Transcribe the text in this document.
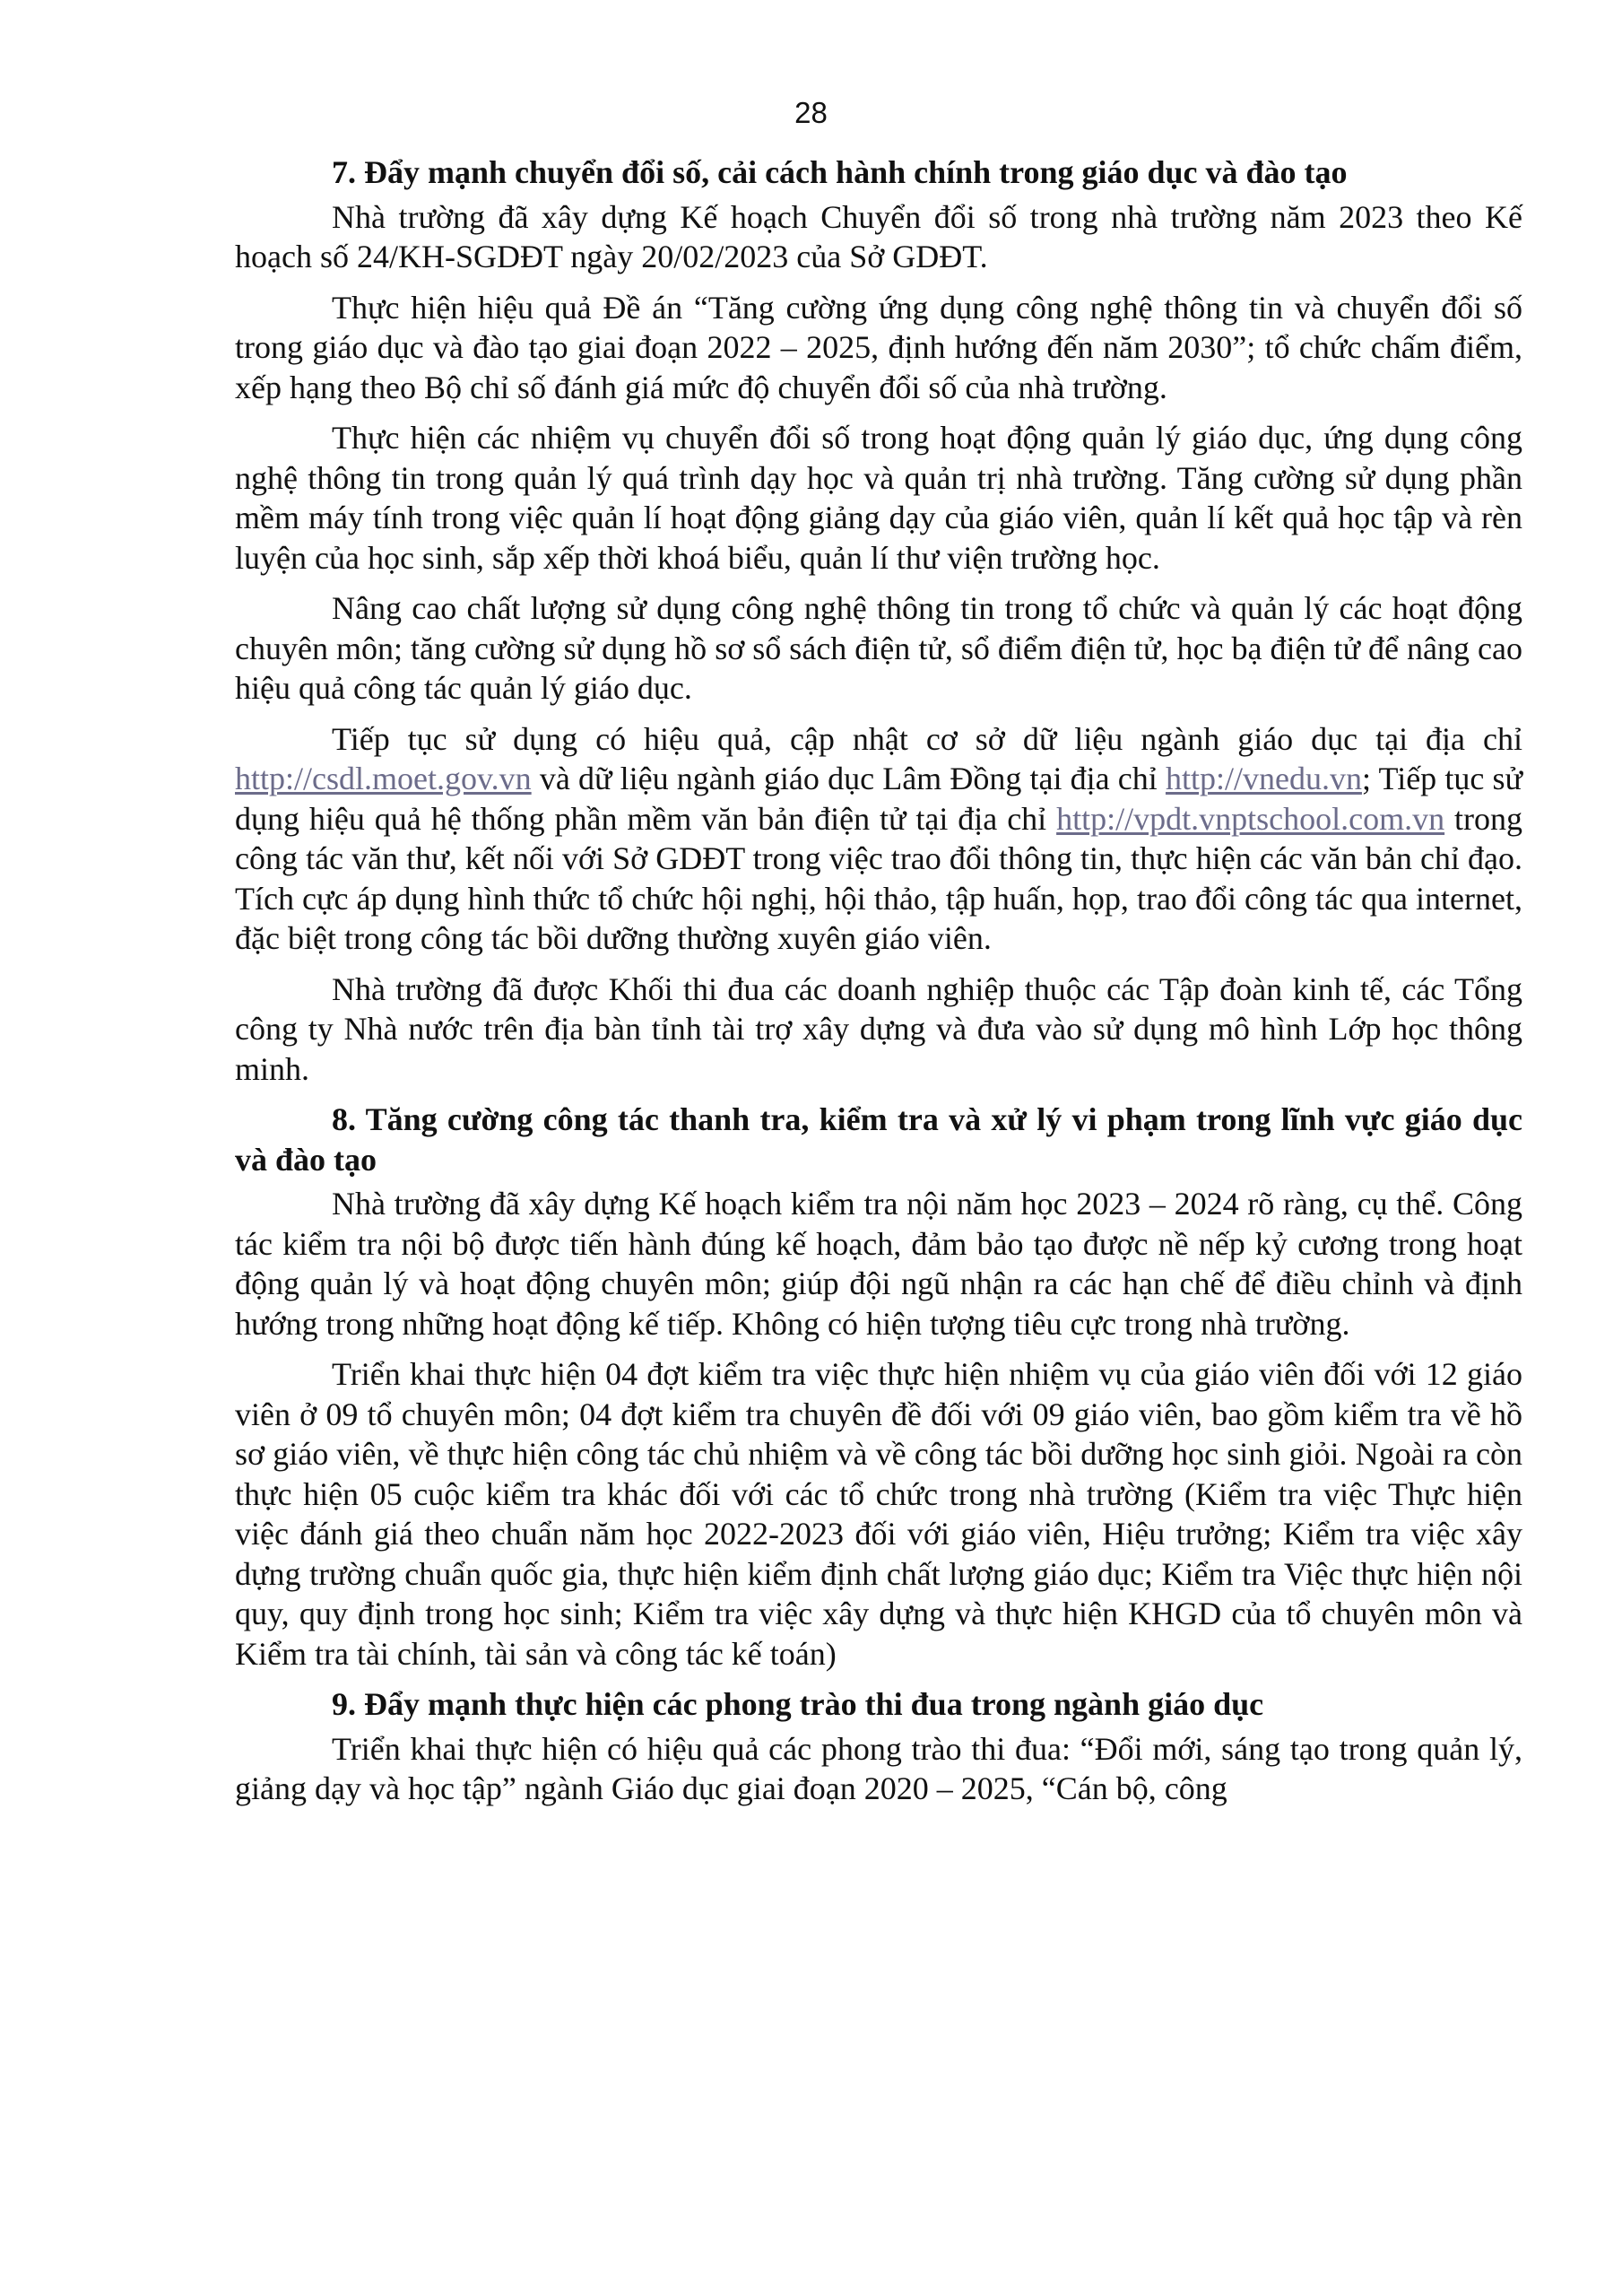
28

7. Đẩy mạnh chuyển đổi số, cải cách hành chính trong giáo dục và đào tạo

Nhà trường đã xây dựng Kế hoạch Chuyển đổi số trong nhà trường năm 2023 theo Kế hoạch số 24/KH-SGDĐT ngày 20/02/2023 của Sở GDĐT.

Thực hiện hiệu quả Đề án “Tăng cường ứng dụng công nghệ thông tin và chuyển đổi số trong giáo dục và đào tạo giai đoạn 2022 – 2025, định hướng đến năm 2030”; tổ chức chấm điểm, xếp hạng theo Bộ chỉ số đánh giá mức độ chuyển đổi số của nhà trường.

Thực hiện các nhiệm vụ chuyển đổi số trong hoạt động quản lý giáo dục, ứng dụng công nghệ thông tin trong quản lý quá trình dạy học và quản trị nhà trường. Tăng cường sử dụng phần mềm máy tính trong việc quản lí hoạt động giảng dạy của giáo viên, quản lí kết quả học tập và rèn luyện của học sinh, sắp xếp thời khoá biểu, quản lí thư viện trường học.

Nâng cao chất lượng sử dụng công nghệ thông tin trong tổ chức và quản lý các hoạt động chuyên môn; tăng cường sử dụng hồ sơ sổ sách điện tử, sổ điểm điện tử, học bạ điện tử để nâng cao hiệu quả công tác quản lý giáo dục.

Tiếp tục sử dụng có hiệu quả, cập nhật cơ sở dữ liệu ngành giáo dục tại địa chỉ http://csdl.moet.gov.vn và dữ liệu ngành giáo dục Lâm Đồng tại địa chỉ http://vnedu.vn; Tiếp tục sử dụng hiệu quả hệ thống phần mềm văn bản điện tử tại địa chỉ http://vpdt.vnptschool.com.vn trong công tác văn thư, kết nối với Sở GDĐT trong việc trao đổi thông tin, thực hiện các văn bản chỉ đạo. Tích cực áp dụng hình thức tổ chức hội nghị, hội thảo, tập huấn, họp, trao đổi công tác qua internet, đặc biệt trong công tác bồi dưỡng thường xuyên giáo viên.

Nhà trường đã được Khối thi đua các doanh nghiệp thuộc các Tập đoàn kinh tế, các Tổng công ty Nhà nước trên địa bàn tỉnh tài trợ xây dựng và đưa vào sử dụng mô hình Lớp học thông minh.

8. Tăng cường công tác thanh tra, kiểm tra và xử lý vi phạm trong lĩnh vực giáo dục và đào tạo

Nhà trường đã xây dựng Kế hoạch kiểm tra nội năm học 2023 – 2024 rõ ràng, cụ thể. Công tác kiểm tra nội bộ được tiến hành đúng kế hoạch, đảm bảo tạo được nề nếp kỷ cương trong hoạt động quản lý và hoạt động chuyên môn; giúp đội ngũ nhận ra các hạn chế để điều chỉnh và định hướng trong những hoạt động kế tiếp. Không có hiện tượng tiêu cực trong nhà trường.

Triển khai thực hiện 04 đợt kiểm tra việc thực hiện nhiệm vụ của giáo viên đối với 12 giáo viên ở 09 tổ chuyên môn; 04 đợt kiểm tra chuyên đề đối với 09 giáo viên, bao gồm kiểm tra về hồ sơ giáo viên, về thực hiện công tác chủ nhiệm và về công tác bồi dưỡng học sinh giỏi. Ngoài ra còn thực hiện 05 cuộc kiểm tra khác đối với các tổ chức trong nhà trường (Kiểm tra việc Thực hiện việc đánh giá theo chuẩn năm học 2022-2023 đối với giáo viên, Hiệu trưởng; Kiểm tra việc xây dựng trường chuẩn quốc gia, thực hiện kiểm định chất lượng giáo dục; Kiểm tra Việc thực hiện nội quy, quy định trong học sinh; Kiểm tra việc xây dựng và thực hiện KHGD của tổ chuyên môn và Kiểm tra tài chính, tài sản và công tác kế toán)

9. Đẩy mạnh thực hiện các phong trào thi đua trong ngành giáo dục

Triển khai thực hiện có hiệu quả các phong trào thi đua: “Đổi mới, sáng tạo trong quản lý, giảng dạy và học tập” ngành Giáo dục giai đoạn 2020 – 2025, “Cán bộ, công
